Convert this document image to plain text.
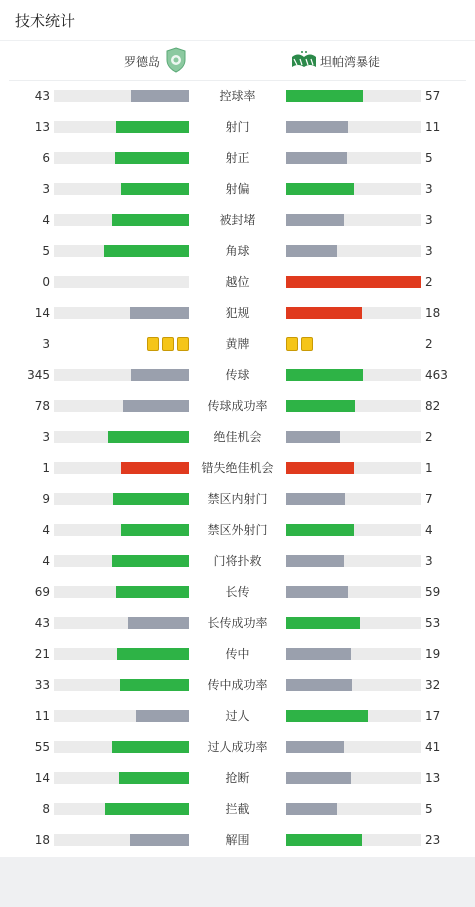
技术统计
罗德岛	坦帕湾暴徒
43	控球率	57
13	射门	11
6	射正	5
3	射偏	3
4	被封堵	3
5	角球	3
0	越位	2
14	犯规	18
3	黄牌	2
345	传球	463
78	传球成功率	82
3	绝佳机会	2
1	错失绝佳机会	1
9	禁区内射门	7
4	禁区外射门	4
4	门将扑救	3
69	长传	59
43	长传成功率	53
21	传中	19
33	传中成功率	32
11	过人	17
55	过人成功率	41
14	抢断	13
8	拦截	5
18	解围	23
